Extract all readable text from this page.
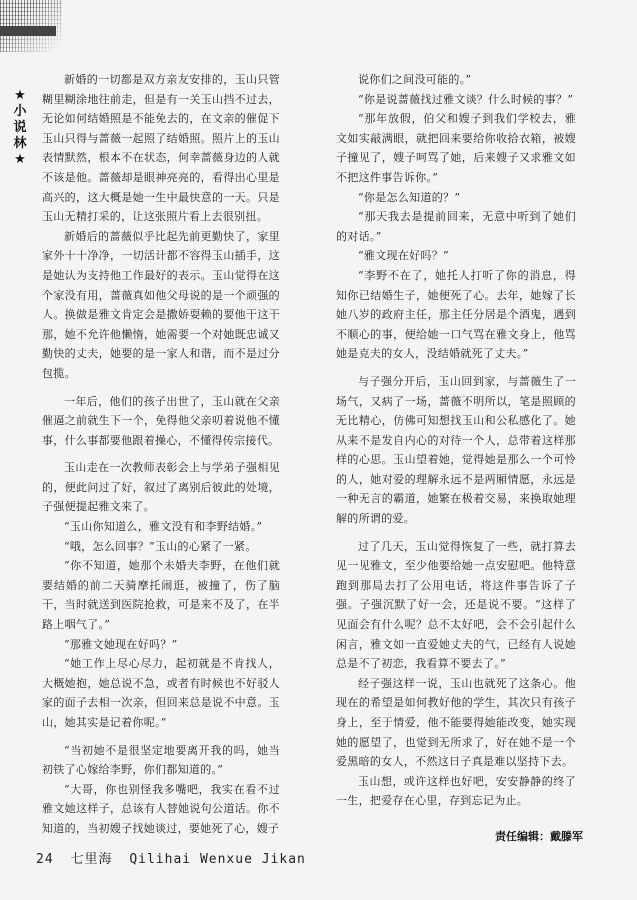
★小说林★

新婚的一切都是双方亲友安排的，玉山只管糊里糊涂地往前走，但是有一关玉山挡不过去，无论如何结婚照是不能免去的，在文亲的催促下玉山只得与蔷薇一起照了结婚照。照片上的玉山表情默然，根本不在状态，何幸蔷薇身边的人就不该是他。蔷薇却是眼神亮亮的，看得出心里是高兴的，这大概是她一生中最快意的一天。只是玉山无精打采的，让这张照片看上去很别扭。

新婚后的蔷薇似乎比起先前更勤快了，家里家外十十净净，一切活计都不容得玉山插手，这是她认为支持他工作最好的表示。玉山觉得在这个家没有用，蔷薇真如他父母说的是一个顽强的人。换做是雅文肯定会是撒娇耍赖的要他干这干那，她不允许他懒惰，她需要一个对她既忠诚又勤快的丈夫，她要的是一家人和谐，而不是过分包揽。

一年后，他们的孩子出世了，玉山就在父亲催逼之前就生下一个，免得他父亲叨着说他不懂事，什么事都要他跟着操心，不懂得传宗接代。

玉山走在一次教师表彰会上与学弟子强相见的，便此问过了好，叙过了离别后彼此的处境，子强便提起雅文来了。

“玉山你知道么，雅文没有和李野结婚。”

“哦，怎么回事？”玉山的心紧了一紧。

“你不知道，她那个未婚夫李野，在他们就要结婚的前二天骑摩托闹逛，被撞了，伤了脑干，当时就送到医院抢救，可是来不及了，在半路上咽气了。”

“那雅文她现在好吗？”

“她工作上尽心尽力，起初就是不肯找人，大概她抱，她总说不急，或者有时候也不好驳人家的面子去相一次亲，但回来总是说不中意。玉山，她其实是记着你呢。”

“当初她不是很坚定地要离开我的吗，她当初铁了心嫁给李野，你们都知道的。”

“大哥，你也别怪我多嘴吧，我实在看不过雅文她这样子，总该有人替她说句公道话。你不知道的，当初嫂子找她谈过，要她死了心，嫂子

说你们之间没可能的。”

“你是说蔷薇找过雅文谈？什么时候的事？”

“那年放假，伯父和嫂子到我们学校去，雅文如实敲满眼，就把回来要给你收拾衣箱，被嫂子撞见了，嫂子呵骂了她，后来嫂子又求雅文如不把这件事告诉你。”

“你是怎么知道的？”

“那天我去是提前回来，无意中听到了她们的对话。”

“雅文现在好吗？”

“李野不在了，她托人打听了你的消息，得知你已结婚生子，她便死了心。去年，她嫁了长她八岁的政府主任，那主任分居是个酒鬼，遇到不顺心的事，便给她一口气骂在雅文身上，他骂她是克夫的女人，没结婚就死了丈夫。”

与子强分开后，玉山回到家，与蔷薇生了一场气，又病了一场，蔷薇不明所以，笔是照顾的无比精心，仿佛可知想找玉山和公私感化了。她从来不是发自内心的对待一个人，总带着这样那样的心思。玉山望着她，觉得她是那么一个可怜的人，她对爱的理解永远不是两厢情愿，永远是一种无言的霸道，她繁在极着交易，来换取她理解的所谓的爱。

过了几天，玉山觉得恢复了一些，就打算去见一见雅文，至少他要给她一点安慰吧。他特意跑到那局去打了公用电话，将这件事告诉了子强。子强沉默了好一会，还是说不要。“这样了见面会有什么呢？总不太好吧，会不会引起什么闲言，雅文如一直爱她丈夫的气，已经有人说她总是不了初恋，我看算不要去了。”

经子强这样一说，玉山也就死了这条心。他现在的希望是如何教好他的学生，其次只有孩子身上，至于情爱，他不能要得她能改变，她实现她的愿望了，也觉到无所求了，好在她不是一个爱黑暗的女人，不然这日子真是难以坚持下去。

玉山想，或许这样也好吧，安安静静的终了一生，把爱存在心里，存到忘记为止。

责任编辑：戴滕军
24 七里海 Qilihai Wenxue Jikan
